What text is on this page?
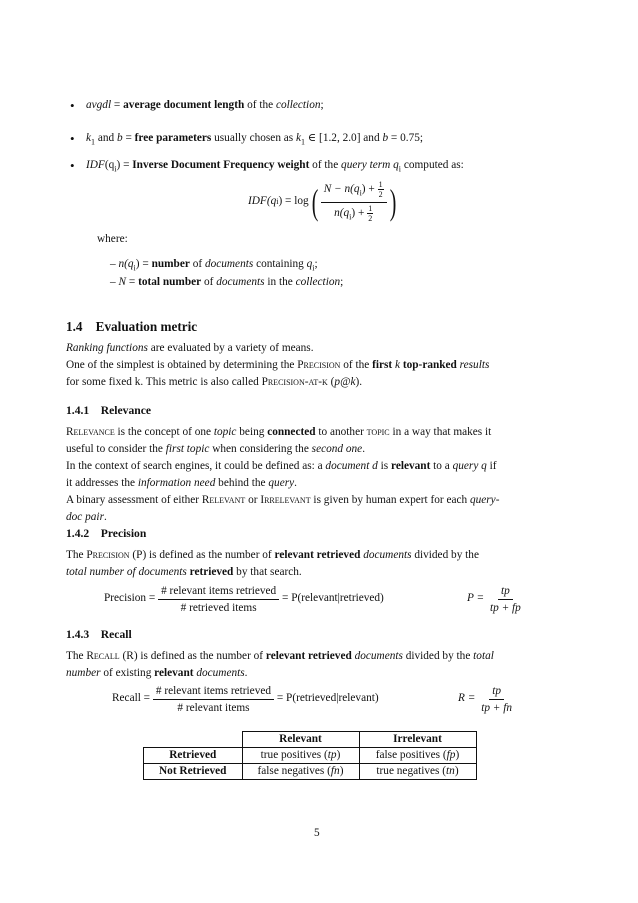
• avgdl = average document length of the collection;
• $k_1$ and b = free parameters usually chosen as $k_1$ ∈ [1.2, 2.0] and b = 0.75;
• $IDF(q_i)$ = Inverse Document Frequency weight of the query term $q_i$ computed as:
IDF(q i ) = log ( $\frac{N - n(q_i) + \frac{1}{2}}{n(q_i) + \frac{1}{2}}$ )
where:
– $n(q_i)$ = number of documents containing $q_i$;
– N = total number of documents in the collection;
1.4 Evaluation metric
Ranking functions are evaluated by a variety of means.
One of the simplest is obtained by determining the Precision of the first k top-ranked results
for some fixed k. This metric is also called Precision-at-k (p@k).
1.4.1 Relevance
Relevance is the concept of one topic being connected to another topic in a way that makes it
useful to consider the first topic when considering the second one.
In the context of search engines, it could be defined as: a document d is relevant to a query q if
it addresses the information need behind the query.
A binary assessment of either Relevant or Irrelevant is given by human expert for each query-
doc pair.
1.4.2 Precision
The Precision (P) is defined as the number of relevant retrieved documents divided by the
total number of documents retrieved by that search.
Precision =
$\frac{\text{\# relevant items retrieved}}{\text{\# retrieved items}}$
= P(relevant|retrieved)	P =
$\frac{tp}{tp + fp}$
1.4.3 Recall
The Recall (R) is defined as the number of relevant retrieved documents divided by the total
number of existing relevant documents.
Recall =
$\frac{\text{\# relevant items retrieved}}{\text{\# relevant items}}$
= P(retrieved|relevant)	R =
$\frac{tp}{tp + fn}$
	Relevant	Irrelevant
Retrieved	true positives (tp)	false positives (fp)
Not Retrieved	false negatives (fn)	true negatives (tn)
5
